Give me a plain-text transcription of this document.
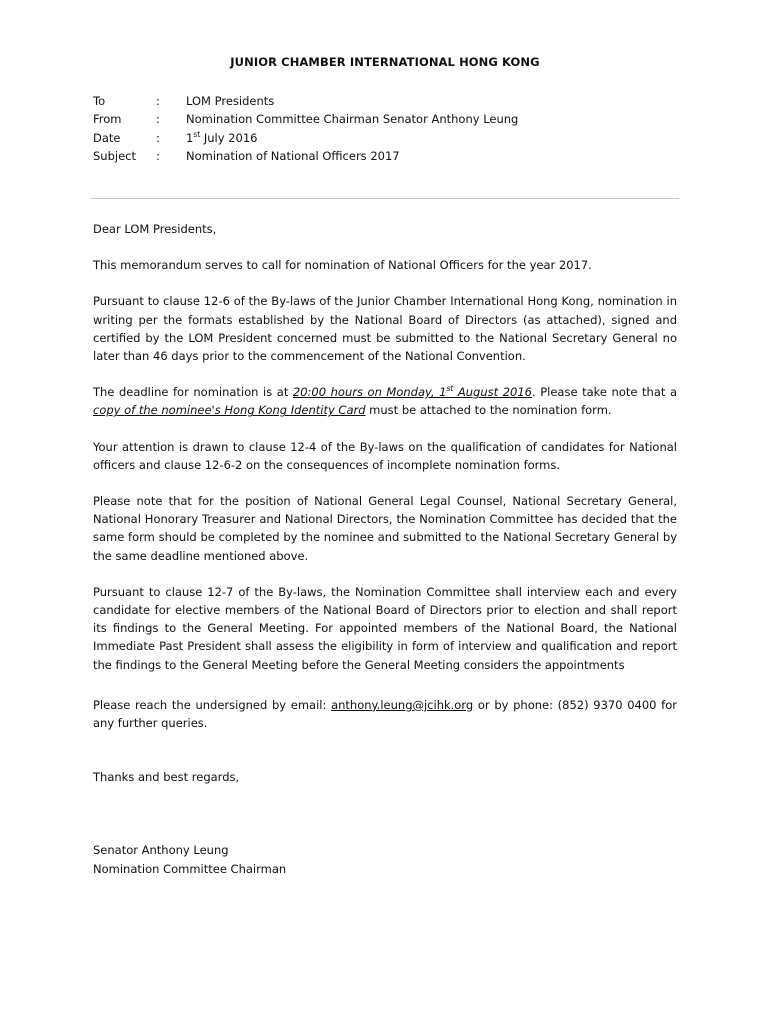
JUNIOR CHAMBER INTERNATIONAL HONG KONG
To	: LOM Presidents
From	: Nomination Committee Chairman Senator Anthony Leung
Date	: 1st July 2016
Subject : Nomination of National Officers 2017

Dear LOM Presidents,

This memorandum serves to call for nomination of National Officers for the year 2017.

Pursuant to clause 12-6 of the By-laws of the Junior Chamber International Hong Kong, nomination in writing per the formats established by the National Board of Directors (as attached), signed and certified by the LOM President concerned must be submitted to the National Secretary General no later than 46 days prior to the commencement of the National Convention.

The deadline for nomination is at 20:00 hours on Monday, 1st August 2016. Please take note that a copy of the nominee's Hong Kong Identity Card must be attached to the nomination form.

Your attention is drawn to clause 12-4 of the By-laws on the qualification of candidates for National officers and clause 12-6-2 on the consequences of incomplete nomination forms.

Please note that for the position of National General Legal Counsel, National Secretary General, National Honorary Treasurer and National Directors, the Nomination Committee has decided that the same form should be completed by the nominee and submitted to the National Secretary General by the same deadline mentioned above.

Pursuant to clause 12-7 of the By-laws, the Nomination Committee shall interview each and every candidate for elective members of the National Board of Directors prior to election and shall report its findings to the General Meeting. For appointed members of the National Board, the National Immediate Past President shall assess the eligibility in form of interview and qualification and report the findings to the General Meeting before the General Meeting considers the appointments

Please reach the undersigned by email: anthony.leung@jcihk.org or by phone: (852) 9370 0400 for any further queries.

Thanks and best regards,

Senator Anthony Leung

Nomination Committee Chairman
